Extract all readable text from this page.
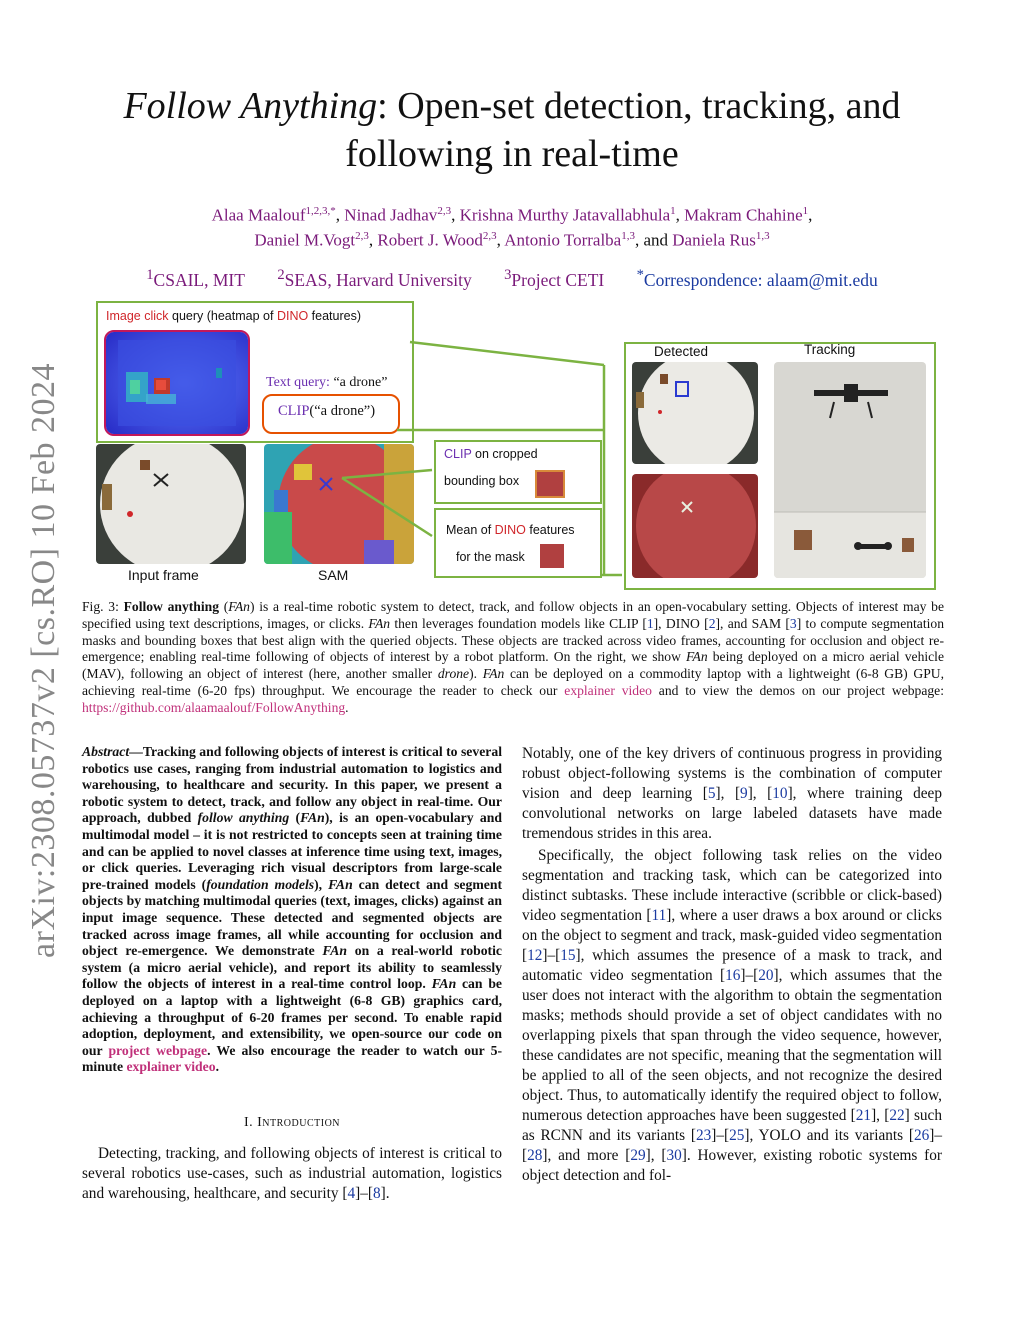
arXiv:2308.05737v2 [cs.RO] 10 Feb 2024
Follow Anything: Open-set detection, tracking, and
following in real-time
Alaa Maalouf$^{1,2,3,*}$, Ninad Jadhav$^{2,3}$, Krishna Murthy Jatavallabhula$^1$, Makram Chahine$^1$,
Daniel M.Vogt$^{2,3}$, Robert J. Wood$^{2,3}$, Antonio Torralba$^{1,3}$, and Daniela Rus$^{1,3}$
$^1$CSAIL, MIT $^2$SEAS, Harvard University $^3$Project CETI *Correspondence: alaam@mit.edu
Image click query (heatmap of DINO features)
Text query: “a drone”
CLIP(“a drone”)
Input frame	SAM
CLIP on cropped
bounding box
Mean of DINO features
for the mask
Detected	Tracking
Fig. 3: Follow anything (FAn) is a real-time robotic system to detect, track, and follow objects in an open-vocabulary setting. Objects of interest may be specified using text descriptions, images, or clicks. FAn then leverages foundation models like CLIP [1], DINO [2], and SAM [3] to compute segmentation masks and bounding boxes that best align with the queried objects. These objects are tracked across video frames, accounting for occlusion and object re-emergence; enabling real-time following of objects of interest by a robot platform. On the right, we show FAn being deployed on a micro aerial vehicle (MAV), following an object of interest (here, another smaller drone). FAn can be deployed on a commodity laptop with a lightweight (6-8 GB) GPU, achieving real-time (6-20 fps) throughput. We encourage the reader to check our explainer video and to view the demos on our project webpage: https://github.com/alaamaalouf/FollowAnything.
Abstract—Tracking and following objects of interest is critical to several robotics use cases, ranging from industrial automation to logistics and warehousing, to healthcare and security. In this paper, we present a robotic system to detect, track, and follow any object in real-time. Our approach, dubbed follow anything (FAn), is an open-vocabulary and multimodal model – it is not restricted to concepts seen at training time and can be applied to novel classes at inference time using text, images, or click queries. Leveraging rich visual descriptors from large-scale pre-trained models (foundation models), FAn can detect and segment objects by matching multimodal queries (text, images, clicks) against an input image sequence. These detected and segmented objects are tracked across image frames, all while accounting for occlusion and object re-emergence. We demonstrate FAn on a real-world robotic system (a micro aerial vehicle), and report its ability to seamlessly follow the objects of interest in a real-time control loop. FAn can be deployed on a laptop with a lightweight (6-8 GB) graphics card, achieving a throughput of 6-20 frames per second. To enable rapid adoption, deployment, and extensibility, we open-source our code on our project webpage. We also encourage the reader to watch our 5-minute explainer video.
I. Introduction
Detecting, tracking, and following objects of interest is critical to several robotics use-cases, such as industrial automation, logistics and warehousing, healthcare, and security [4]–[8].
Notably, one of the key drivers of continuous progress in providing robust object-following systems is the combination of computer vision and deep learning [5], [9], [10], where training deep convolutional networks on large labeled datasets have made tremendous strides in this area.
Specifically, the object following task relies on the video segmentation and tracking task, which can be categorized into distinct subtasks. These include interactive (scribble or click-based) video segmentation [11], where a user draws a box around or clicks on the object to segment and track, mask-guided video segmentation [12]–[15], which assumes the presence of a mask to track, and automatic video segmentation [16]–[20], which assumes that the user does not interact with the algorithm to obtain the segmentation masks; methods should provide a set of object candidates with no overlapping pixels that span through the video sequence, however, these candidates are not specific, meaning that the segmentation will be applied to all of the seen objects, and not recognize the desired object. Thus, to automatically identify the required object to follow, numerous detection approaches have been suggested [21], [22] such as RCNN and its variants [23]–[25], YOLO and its variants [26]–[28], and more [29], [30]. However, existing robotic systems for object detection and fol-
